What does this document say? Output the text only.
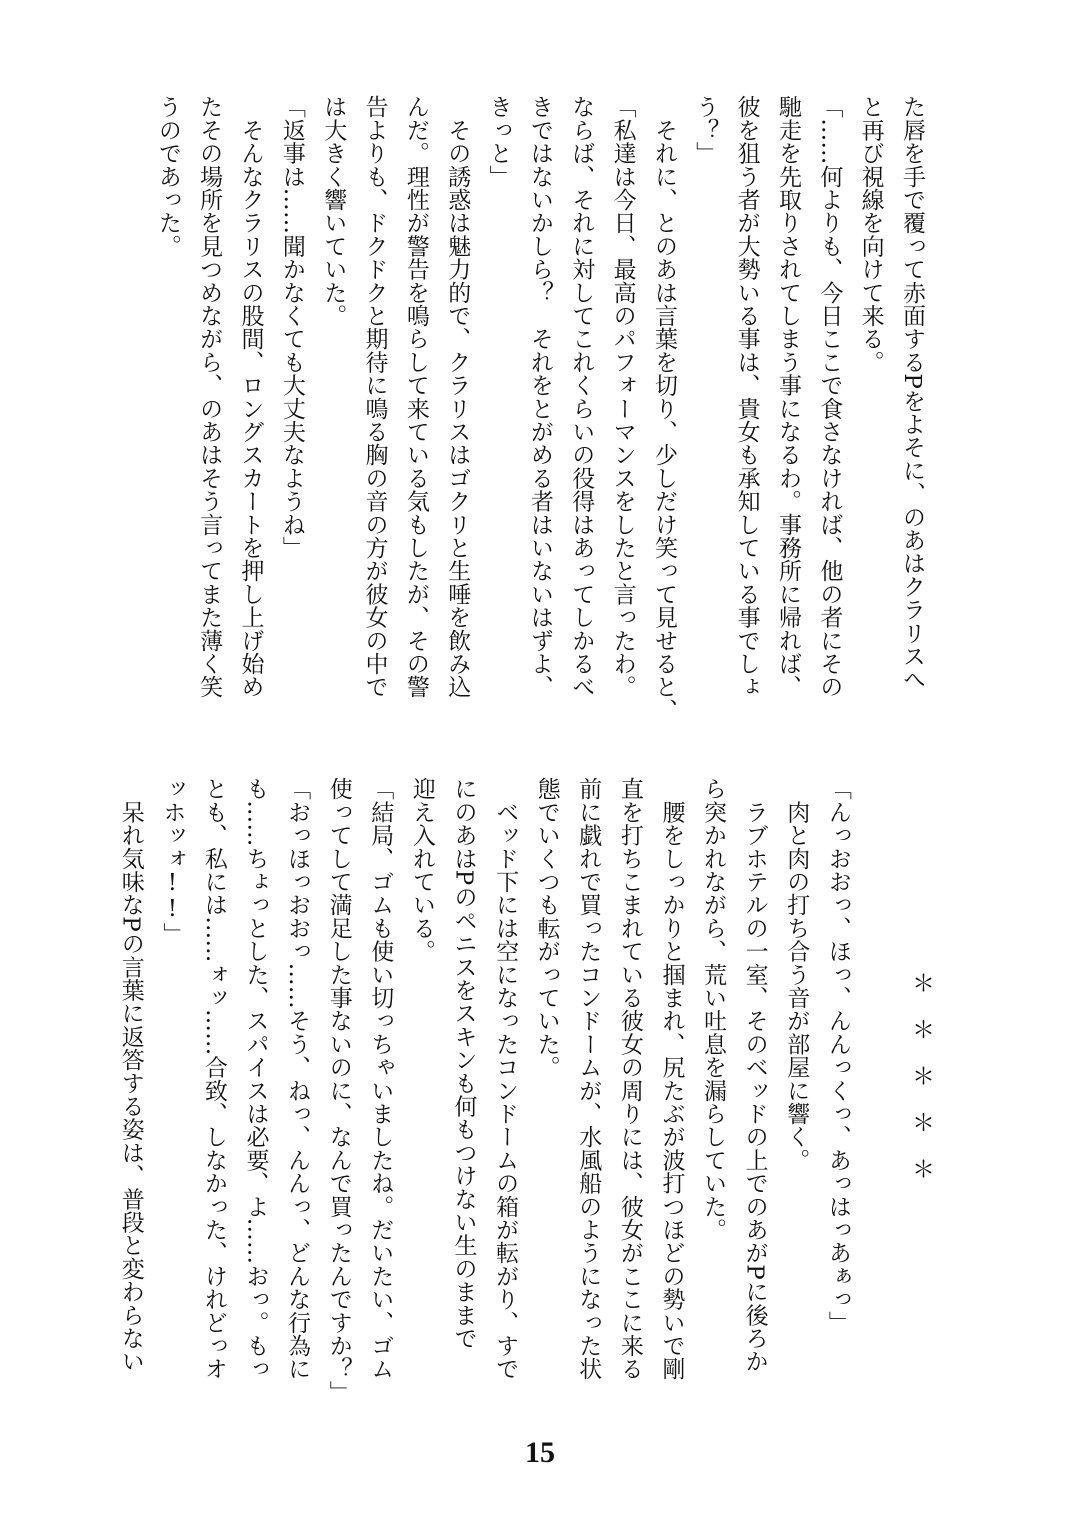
た唇を手で覆って赤面するPをよそに、のあはクラリスへ
と再び視線を向けて来る。
「……何よりも、今日ここで食さなければ、他の者にその
馳走を先取りされてしまう事になるわ。事務所に帰れば、
彼を狙う者が大勢いる事は、貴女も承知している事でしょ
う？」
　それに、とのあは言葉を切り、少しだけ笑って見せると、
「私達は今日、最高のパフォーマンスをしたと言ったわ。
ならば、それに対してこれくらいの役得はあってしかるべ
きではないかしら？　それをとがめる者はいないはずよ、
きっと」
　その誘惑は魅力的で、クラリスはゴクリと生唾を飲み込
んだ。理性が警告を鳴らして来ている気もしたが、その警
告よりも、ドクドクと期待に鳴る胸の音の方が彼女の中で
は大きく響いていた。
「返事は……聞かなくても大丈夫なようね」
　そんなクラリスの股間、ロングスカートを押し上げ始め
たその場所を見つめながら、のあはそう言ってまた薄く笑
うのであった。
＊＊＊＊＊

「んっおおっ、ほっ、んんっくっ、あっはっあぁっ」
　肉と肉の打ち合う音が部屋に響く。
　ラブホテルの一室、そのベッドの上でのあがPに後ろか
ら突かれながら、荒い吐息を漏らしていた。
　腰をしっかりと掴まれ、尻たぶが波打つほどの勢いで剛
直を打ちこまれている彼女の周りには、彼女がここに来る
前に戯れで買ったコンドームが、水風船のようになった状
態でいくつも転がっていた。
　ベッド下には空になったコンドームの箱が転がり、すで
にのあはPのペニスをスキンも何もつけない生のままで
迎え入れている。
「結局、ゴムも使い切っちゃいましたね。だいたい、ゴム
使ってして満足した事ないのに、なんで買ったんですか？」
「おっほっおおっ……そう、ねっ、んんっ、どんな行為に
も……ちょっとした、スパイスは必要、よ……おっ。もっ
とも、私には……ォッ……合致、しなかった、けれどっオ
ッホッォ!!」
　呆れ気味なPの言葉に返答する姿は、普段と変わらない
15
